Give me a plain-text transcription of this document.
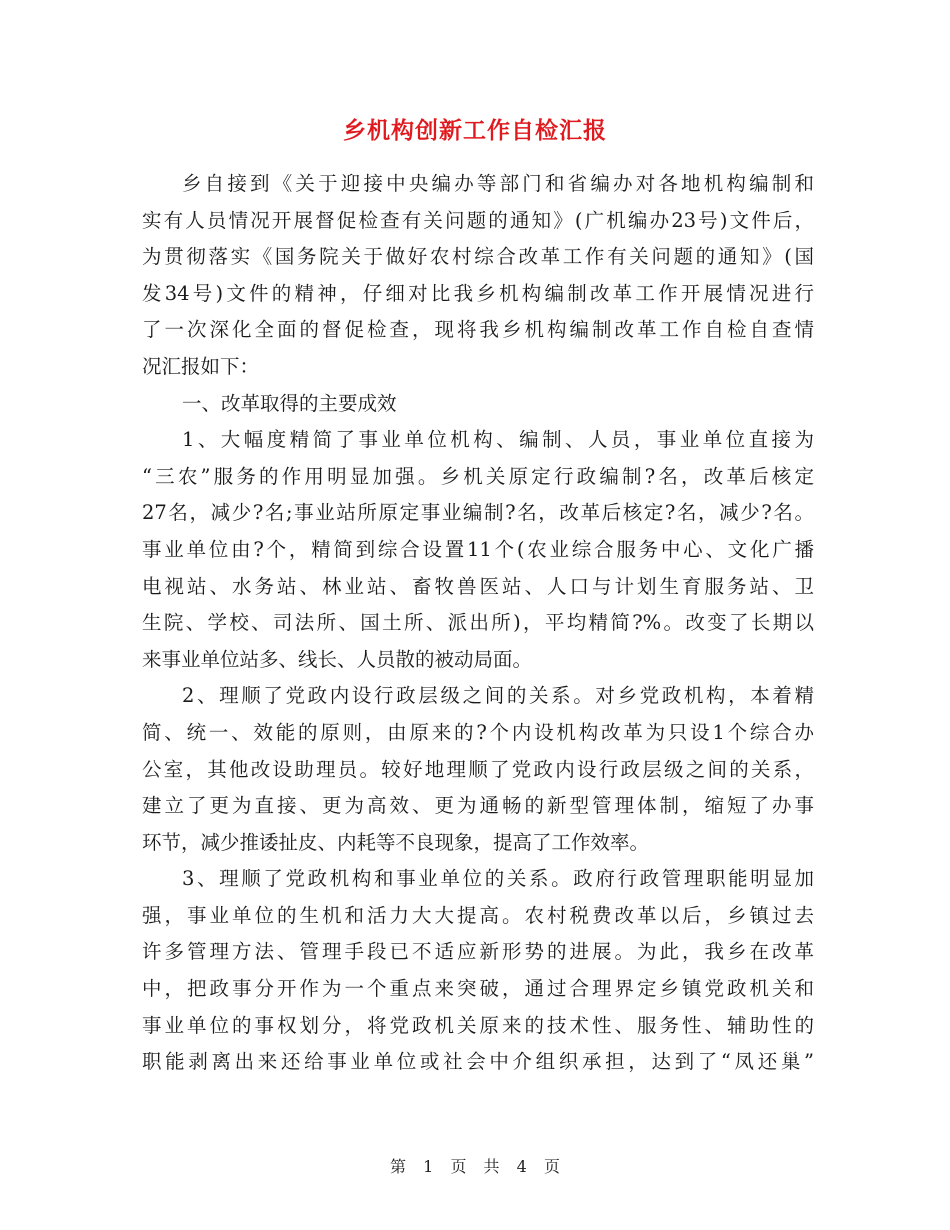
乡机构创新工作自检汇报
乡自接到《关于迎接中央编办等部门和省编办对各地机构编制和
实有人员情况开展督促检查有关问题的通知》(广机编办23号)文件后，
为贯彻落实《国务院关于做好农村综合改革工作有关问题的通知》(国
发34号)文件的精神，仔细对比我乡机构编制改革工作开展情况进行
了一次深化全面的督促检查，现将我乡机构编制改革工作自检自查情
况汇报如下：
一、改革取得的主要成效
1、大幅度精简了事业单位机构、编制、人员，事业单位直接为
“三农”服务的作用明显加强。乡机关原定行政编制?名，改革后核定
27名，减少?名;事业站所原定事业编制?名，改革后核定?名，减少?名。
事业单位由?个，精简到综合设置11个(农业综合服务中心、文化广播
电视站、水务站、林业站、畜牧兽医站、人口与计划生育服务站、卫
生院、学校、司法所、国土所、派出所)，平均精简?%。改变了长期以
来事业单位站多、线长、人员散的被动局面。
2、理顺了党政内设行政层级之间的关系。对乡党政机构，本着精
简、统一、效能的原则，由原来的?个内设机构改革为只设1个综合办
公室，其他改设助理员。较好地理顺了党政内设行政层级之间的关系，
建立了更为直接、更为高效、更为通畅的新型管理体制，缩短了办事
环节，减少推诿扯皮、内耗等不良现象，提高了工作效率。
3、理顺了党政机构和事业单位的关系。政府行政管理职能明显加
强，事业单位的生机和活力大大提高。农村税费改革以后，乡镇过去
许多管理方法、管理手段已不适应新形势的进展。为此，我乡在改革
中，把政事分开作为一个重点来突破，通过合理界定乡镇党政机关和
事业单位的事权划分，将党政机关原来的技术性、服务性、辅助性的
职能剥离出来还给事业单位或社会中介组织承担，达到了“凤还巢”
第 1 页 共 4 页
